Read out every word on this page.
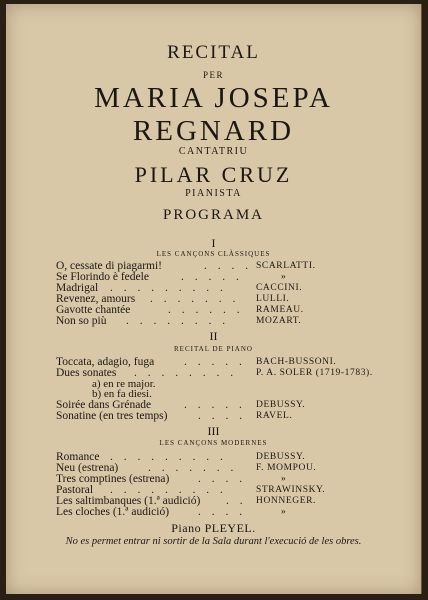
RECITAL
PER
MARIA JOSEPA
REGNARD
CANTATRIU
PILAR CRUZ
PIANISTA
PROGRAMA
I
LES CANÇONS CLÀSSIQUES
O, cessate di piagarmi!	. . . . SCARLATTI.
Se Florindo è fedele	. . . . .	»
Madrigal . . . . . . . . .	CACCINI.
Revenez, amours . . . . . . . LULLI.
Gavotte chantée	. . . . . . RAMEAU.
Non so più . . . . . . . .	MOZART.
II
RECITAL DE PIANO
Toccata, adagio, fuga	. . . . . BACH-BUSSONI.
Dues sonates . . . . . . . . P. A. SOLER (1719-1783).
a) en re major.
b) en fa diesi.
Soirée dans Grénade	. . . . . DEBUSSY.
Sonatine (en tres temps)	. . . . RAVEL.
III
LES CANÇONS MODERNES
Romance . . . . . . . . .	DEBUSSY.
Neu (estrena)	. . . . . . . F. MOMPOU.
Tres comptines (estrena) . . . .	»
Pastoral . . . . . . . . .	STRAWINSKY.
Les saltimbanques (1.ª audició) . . HONNEGER.
Les cloches (1.ª audició)	. . . .	»
Piano PLEYEL.
No es permet entrar ni sortir de la Sala durant l'execució de les obres.
